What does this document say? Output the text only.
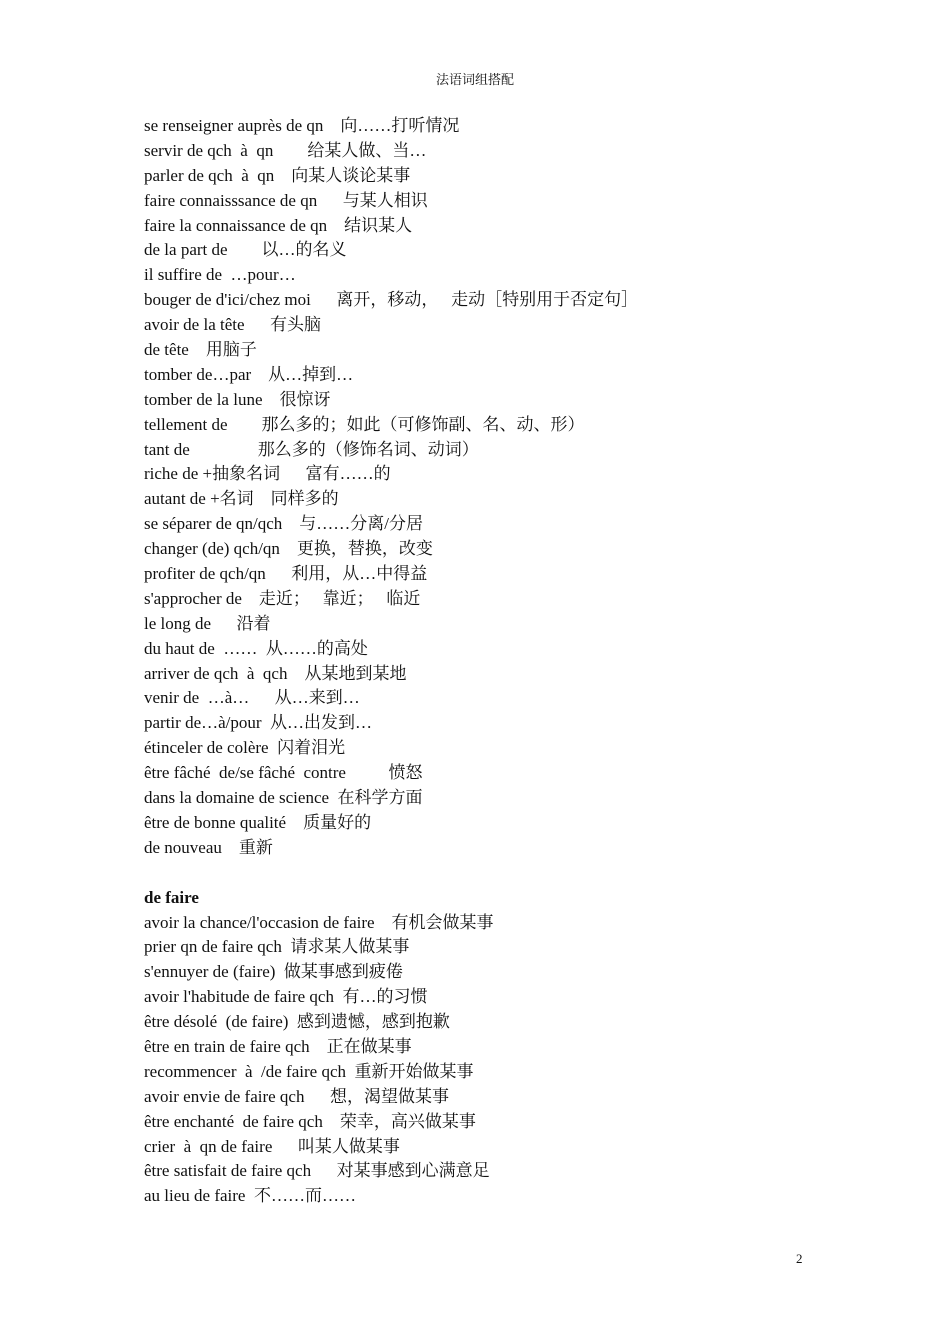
法语词组搭配
se renseigner auprès de qn    向……打听情况
servir de qch  à  qn        给某人做、当…
parler de qch  à  qn    向某人谈论某事
faire connaisssance de qn      与某人相识
faire la connaissance de qn    结识某人
de la part de        以…的名义
il suffire de  …pour…
bouger de d'ici/chez moi      离开，移动，   走动［特别用于否定句］
avoir de la tête      有头脑
de tête    用脑子
tomber de…par    从…掉到…
tomber de la lune    很惊讶
tellement de        那么多的；如此（可修饰副、名、动、形）
tant de                那么多的（修饰名词、动词）
riche de +抽象名词      富有……的
autant de +名词    同样多的
se séparer de qn/qch    与……分离/分居
changer (de) qch/qn    更换，替换，改变
profiter de qch/qn      利用，从…中得益
s'approcher de    走近；   靠近；   临近
le long de      沿着
du haut de  ……  从……的高处
arriver de qch  à  qch    从某地到某地
venir de  …à…      从…来到…
partir de…à/pour  从…出发到…
étinceler de colère  闪着泪光
être fâché  de/se fâché  contre          愤怒
dans la domaine de science  在科学方面
être de bonne qualité    质量好的
de nouveau    重新
de faire
avoir la chance/l'occasion de faire    有机会做某事
prier qn de faire qch  请求某人做某事
s'ennuyer de (faire)  做某事感到疲倦
avoir l'habitude de faire qch  有…的习惯
être désolé  (de faire)  感到遗憾，感到抱歉
être en train de faire qch    正在做某事
recommencer  à  /de faire qch  重新开始做某事
avoir envie de faire qch      想，渴望做某事
être enchanté  de faire qch    荣幸，高兴做某事
crier  à  qn de faire      叫某人做某事
être satisfait de faire qch      对某事感到心满意足
au lieu de faire  不……而……
2
